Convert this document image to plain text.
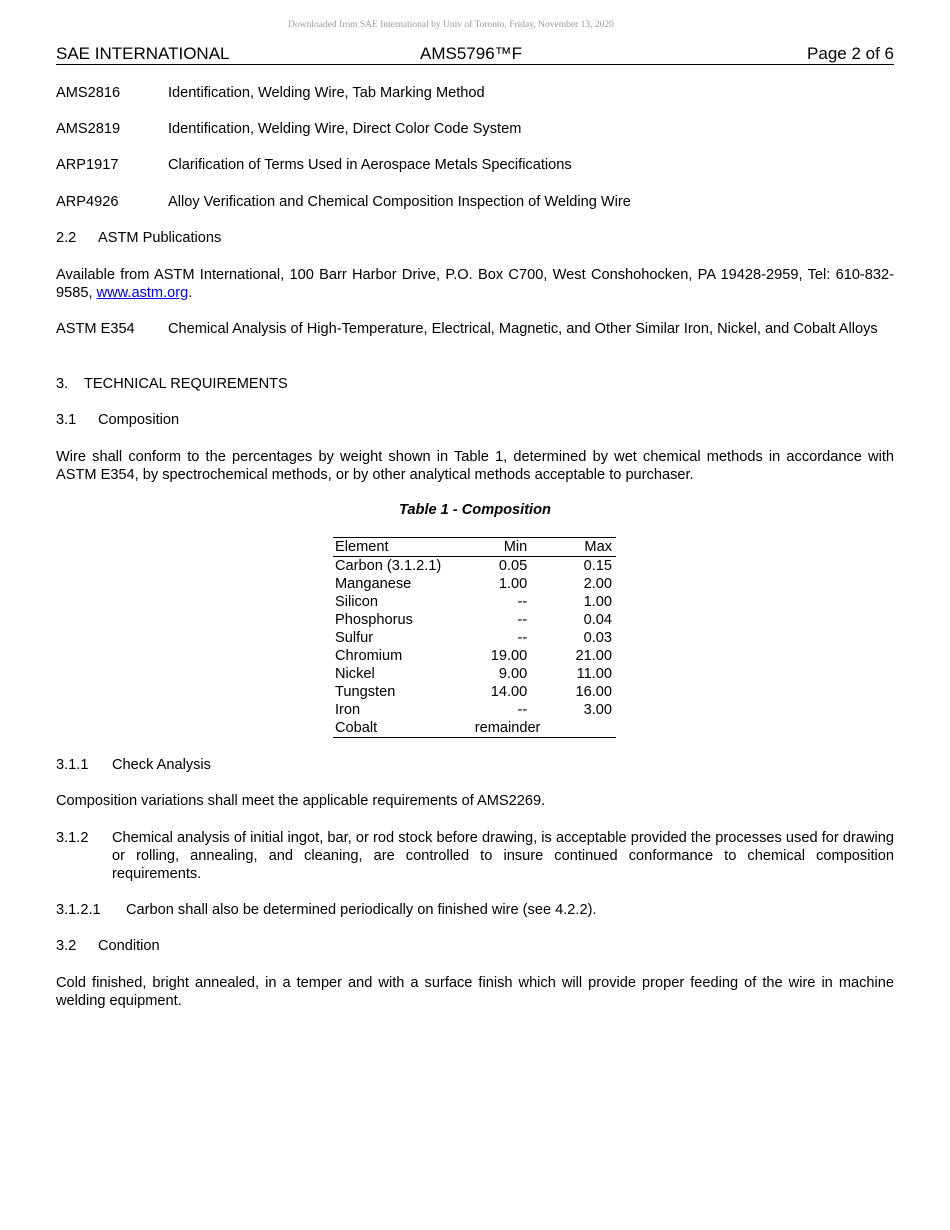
Downloaded from SAE International by Univ of Toronto, Friday, November 13, 2020
SAE INTERNATIONAL	AMS5796™F	Page 2 of 6
AMS2816	Identification, Welding Wire, Tab Marking Method
AMS2819	Identification, Welding Wire, Direct Color Code System
ARP1917	Clarification of Terms Used in Aerospace Metals Specifications
ARP4926	Alloy Verification and Chemical Composition Inspection of Welding Wire
2.2 ASTM Publications
Available from ASTM International, 100 Barr Harbor Drive, P.O. Box C700, West Conshohocken, PA 19428-2959, Tel: 610-832-9585, www.astm.org.
ASTM E354 Chemical Analysis of High-Temperature, Electrical, Magnetic, and Other Similar Iron, Nickel, and Cobalt Alloys
3. TECHNICAL REQUIREMENTS
3.1 Composition
Wire shall conform to the percentages by weight shown in Table 1, determined by wet chemical methods in accordance with ASTM E354, by spectrochemical methods, or by other analytical methods acceptable to purchaser.
Table 1 - Composition
Element	Min	Max
Carbon (3.1.2.1)	0.05	0.15
Manganese	1.00	2.00
Silicon	--	1.00
Phosphorus	--	0.04
Sulfur	--	0.03
Chromium	19.00	21.00
Nickel	9.00	11.00
Tungsten	14.00	16.00
Iron	--	3.00
Cobalt	remainder	
3.1.1 Check Analysis
Composition variations shall meet the applicable requirements of AMS2269.
3.1.2 Chemical analysis of initial ingot, bar, or rod stock before drawing, is acceptable provided the processes used for drawing or rolling, annealing, and cleaning, are controlled to insure continued conformance to chemical composition requirements.
3.1.2.1 Carbon shall also be determined periodically on finished wire (see 4.2.2).
3.2 Condition
Cold finished, bright annealed, in a temper and with a surface finish which will provide proper feeding of the wire in machine welding equipment.
